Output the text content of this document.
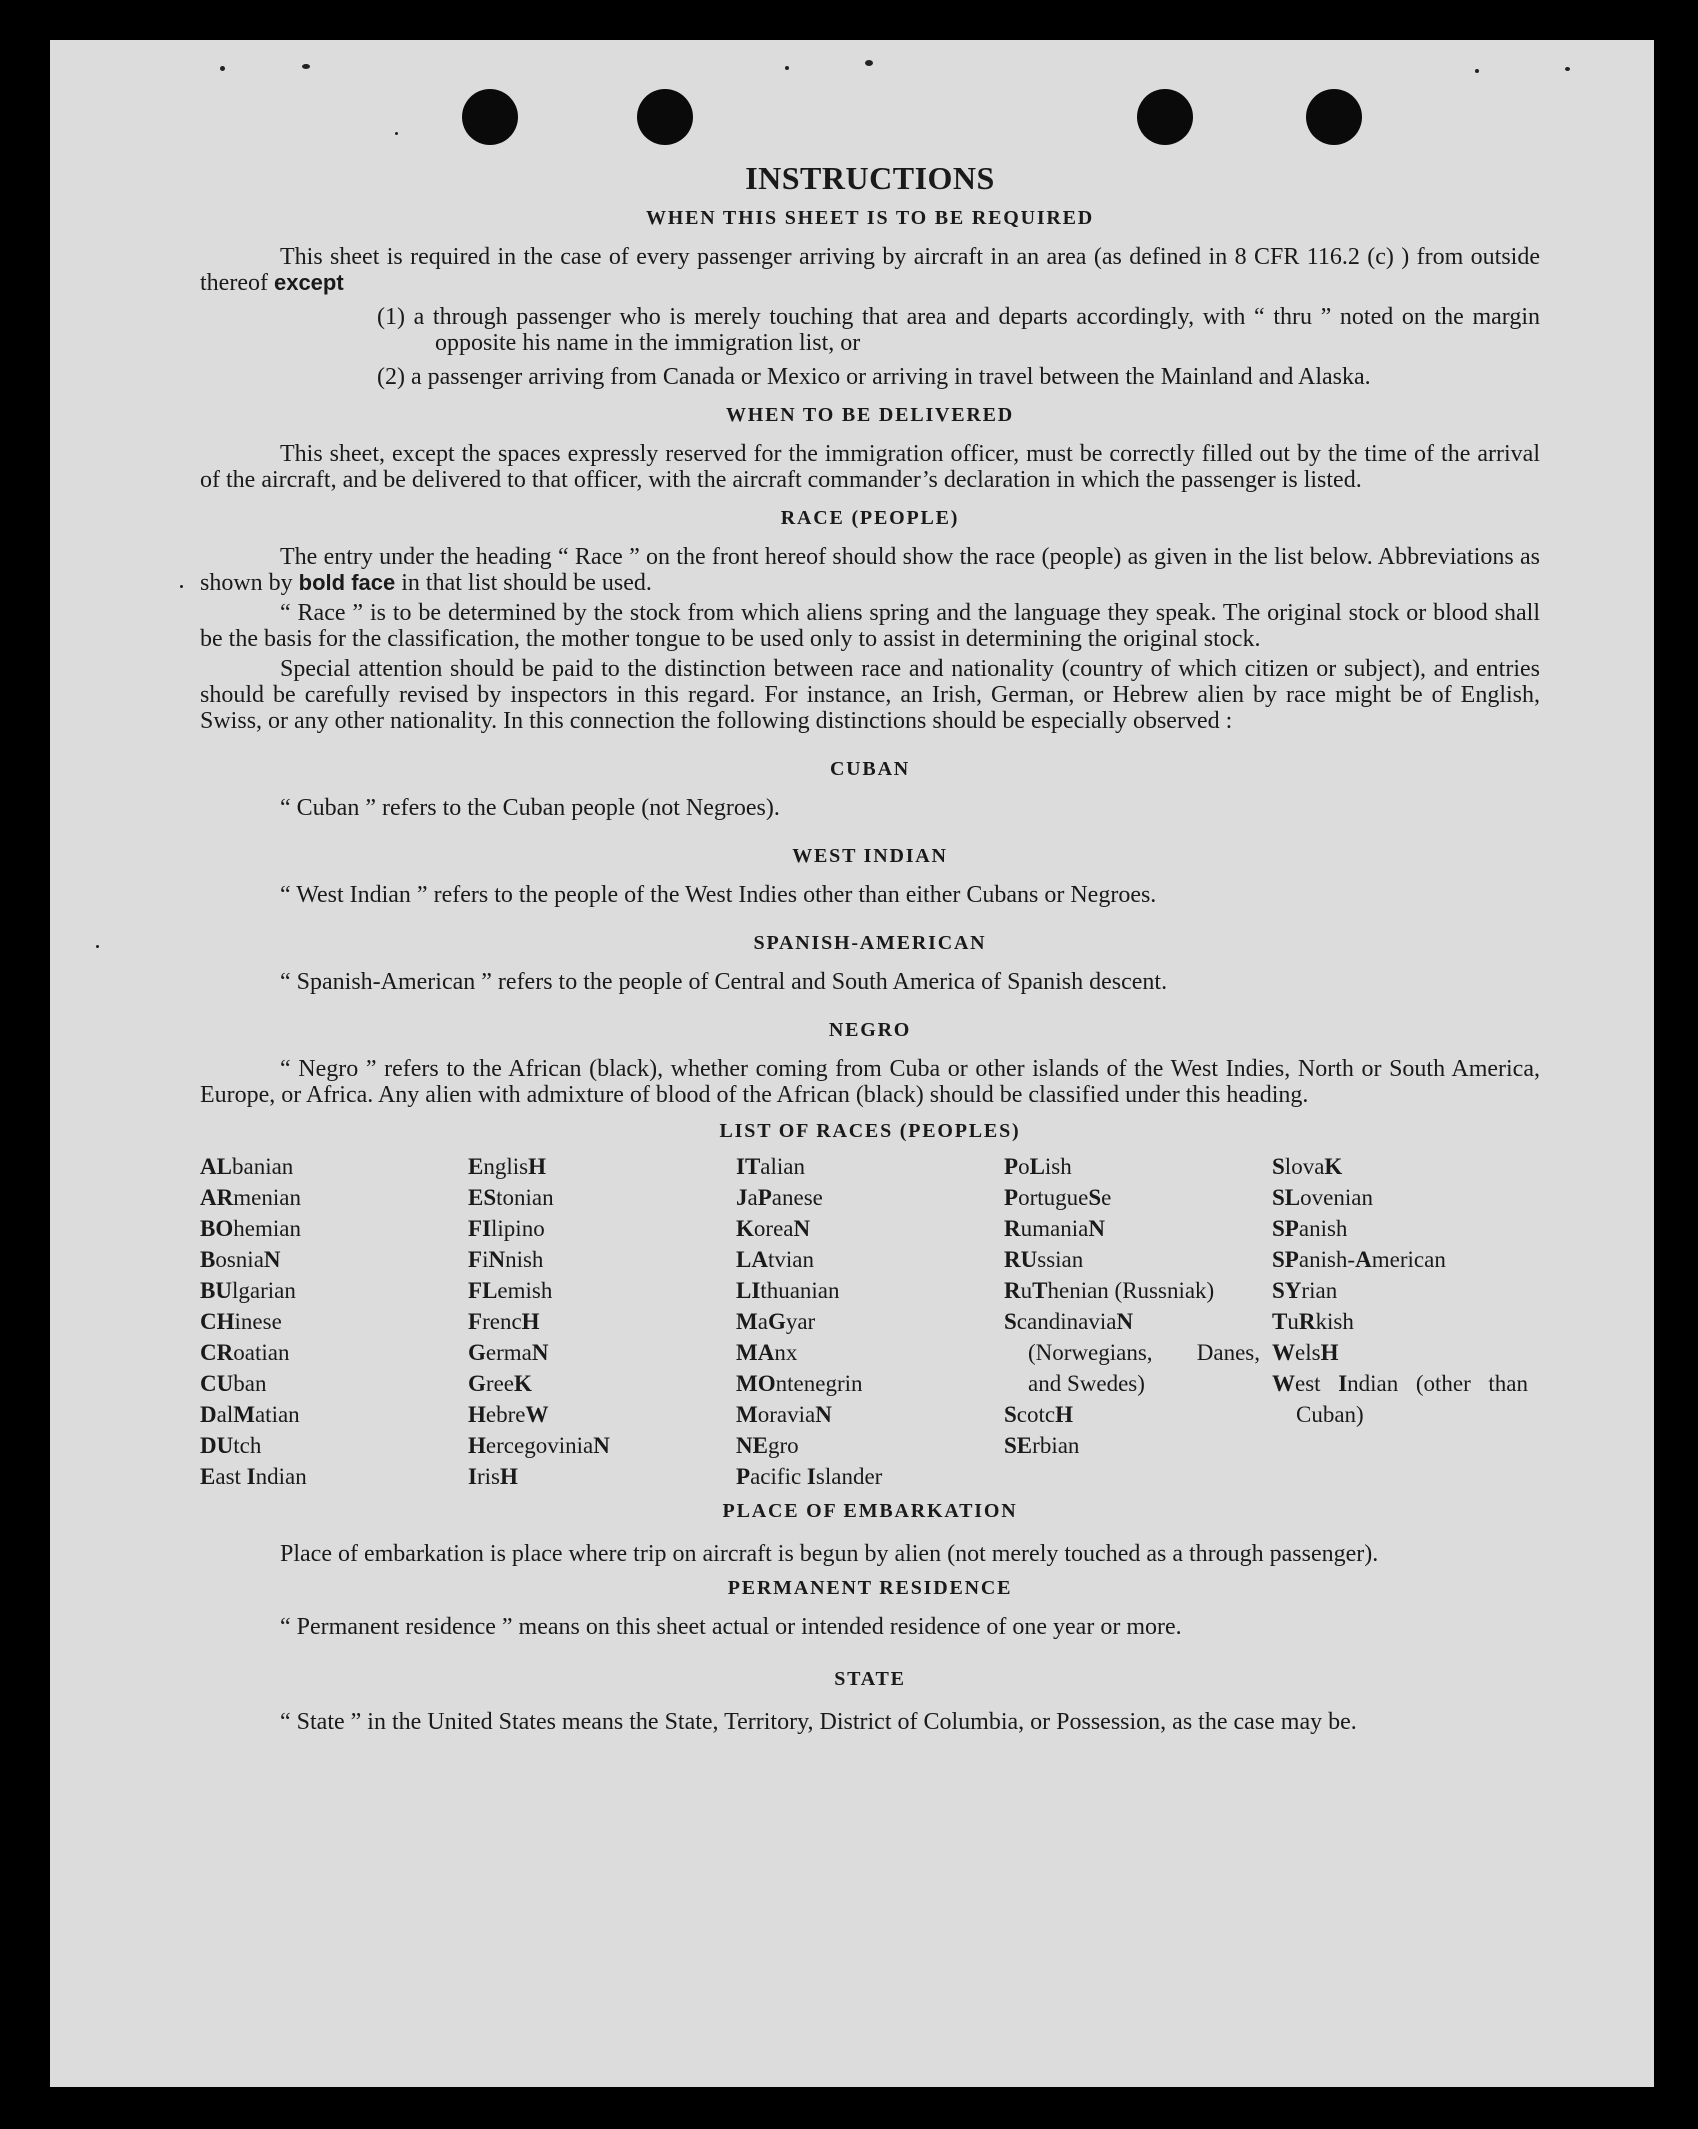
INSTRUCTIONS
WHEN THIS SHEET IS TO BE REQUIRED

This sheet is required in the case of every passenger arriving by aircraft in an area (as defined in 8 CFR 116.2 (c) ) from outside thereof except

(1) a through passenger who is merely touching that area and departs accordingly, with “ thru ” noted on the margin opposite his name in the immigration list, or

(2) a passenger arriving from Canada or Mexico or arriving in travel between the Mainland and Alaska.

WHEN TO BE DELIVERED

This sheet, except the spaces expressly reserved for the immigration officer, must be correctly filled out by the time of the arrival of the aircraft, and be delivered to that officer, with the aircraft commander’s declaration in which the passenger is listed.

RACE (PEOPLE)

The entry under the heading “ Race ” on the front hereof should show the race (people) as given in the list below. Abbreviations as shown by bold face in that list should be used.

“ Race ” is to be determined by the stock from which aliens spring and the language they speak. The original stock or blood shall be the basis for the classification, the mother tongue to be used only to assist in determining the original stock.

Special attention should be paid to the distinction between race and nationality (country of which citizen or subject), and entries should be carefully revised by inspectors in this regard. For instance, an Irish, German, or Hebrew alien by race might be of English, Swiss, or any other nationality. In this connection the following distinctions should be especially observed :

CUBAN

“ Cuban ” refers to the Cuban people (not Negroes).

WEST INDIAN

“ West Indian ” refers to the people of the West Indies other than either Cubans or Negroes.

SPANISH-AMERICAN

“ Spanish-American ” refers to the people of Central and South America of Spanish descent.

NEGRO

“ Negro ” refers to the African (black), whether coming from Cuba or other islands of the West Indies, North or South America, Europe, or Africa. Any alien with admixture of blood of the African (black) should be classified under this heading.

LIST OF RACES (PEOPLES)
ALbanian
ARmenian
BOhemian
BosniaN
BUlgarian
CHinese
CRoatian
CUban
DalMatian
DUtch
East Indian
EnglisH
EStonian
FIlipino
FiNnish
FLemish
FrencH
GermaN
GreeK
HebreW
HercegoviniaN
IrisH
ITalian
JaPanese
KoreaN
LAtvian
LIthuanian
MaGyar
MAnx
MOntenegrin
MoraviaN
NEgro
Pacific Islander
PoLish
PortugueSe
RumaniaN
RUssian
RuThenian (Russniak)
ScandinaviaN (Norwegians, Danes, and Swedes)
ScotcH
SErbian
SlovaK
SLovenian
SPanish
SPanish-American
SYrian
TuRkish
WelsH
West Indian (other than Cuban)
PLACE OF EMBARKATION

Place of embarkation is place where trip on aircraft is begun by alien (not merely touched as a through passenger).

PERMANENT RESIDENCE

“ Permanent residence ” means on this sheet actual or intended residence of one year or more.

STATE

“ State ” in the United States means the State, Territory, District of Columbia, or Possession, as the case may be.
